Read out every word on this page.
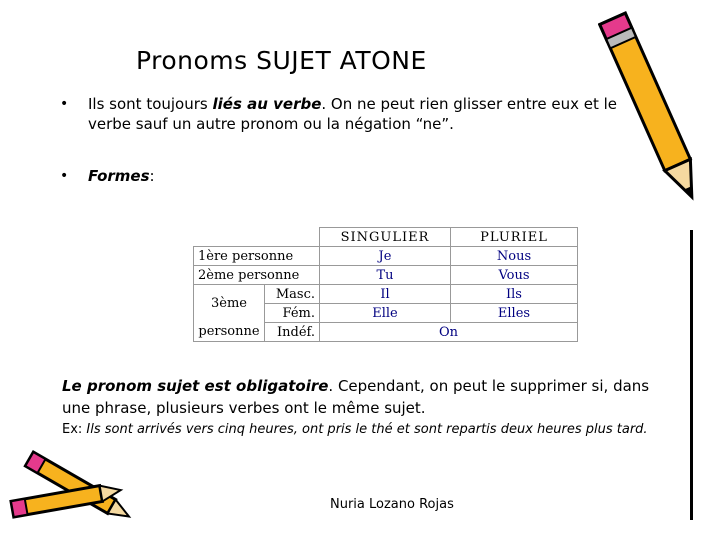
Pronoms SUJET ATONE
• Ils sont toujours liés au verbe. On ne peut rien glisser entre eux et le verbe sauf un autre pronom ou la négation “ne”.
• Formes:
		SINGULIER	PLURIEL
1ère personne		Je	Nous
2ème personne		Tu	Vous
3ème	Masc.	Il	Ils
	Fém.	Elle	Elles
personne	Indéf.	On	
Le pronom sujet est obligatoire. Cependant, on peut le supprimer si, dans une phrase, plusieurs verbes ont le même sujet.
Ex: Ils sont arrivés vers cinq heures, ont pris le thé et sont repartis deux heures plus tard.
Nuria Lozano Rojas
